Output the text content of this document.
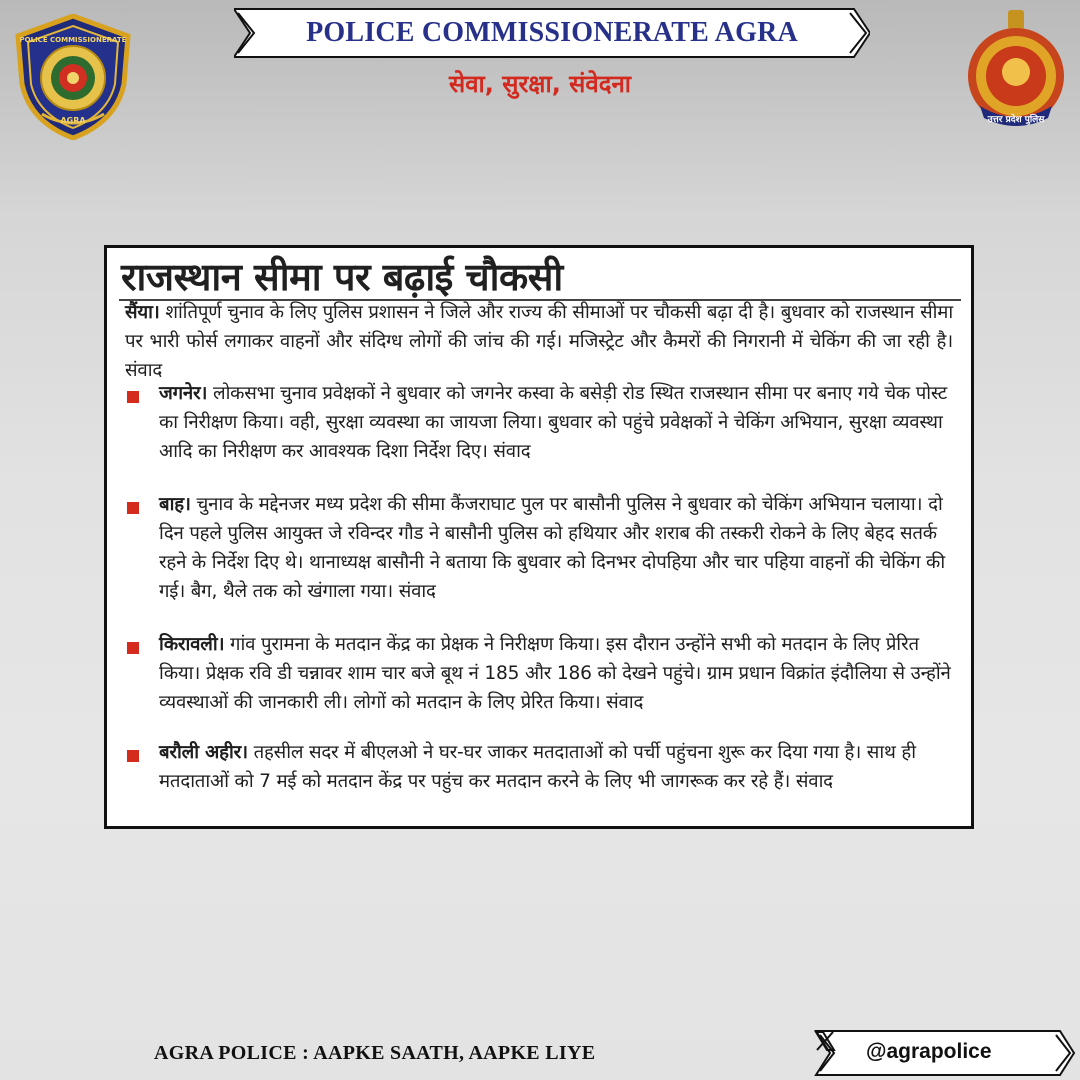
POLICE COMMISSIONERATE
AGRA
POLICE COMMISSIONERATE AGRA
सेवा, सुरक्षा, संवेदना
उत्तर प्रदेश पुलिस
राजस्थान सीमा पर बढ़ाई चौकसी
सैंया। शांतिपूर्ण चुनाव के लिए पुलिस प्रशासन ने जिले और राज्य की सीमाओं पर चौकसी बढ़ा दी है। बुधवार को राजस्थान सीमा पर भारी फोर्स लगाकर वाहनों और संदिग्ध लोगों की जांच की गई। मजिस्ट्रेट और कैमरों की निगरानी में चेकिंग की जा रही है। संवाद
जगनेर। लोकसभा चुनाव प्रवेक्षकों ने बुधवार को जगनेर कस्वा के बसेड़ी रोड स्थित राजस्थान सीमा पर बनाए गये चेक पोस्ट का निरीक्षण किया। वही, सुरक्षा व्यवस्था का जायजा लिया। बुधवार को पहुंचे प्रवेक्षकों ने चेकिंग अभियान, सुरक्षा व्यवस्था आदि का निरीक्षण कर आवश्यक दिशा निर्देश दिए। संवाद
बाह। चुनाव के मद्देनजर मध्य प्रदेश की सीमा कैंजराघाट पुल पर बासौनी पुलिस ने बुधवार को चेकिंग अभियान चलाया। दो दिन पहले पुलिस आयुक्त जे रविन्दर गौड ने बासौनी पुलिस को हथियार और शराब की तस्करी रोकने के लिए बेहद सतर्क रहने के निर्देश दिए थे। थानाध्यक्ष बासौनी ने बताया कि बुधवार को दिनभर दोपहिया और चार पहिया वाहनों की चेकिंग की गई। बैग, थैले तक को खंगाला गया। संवाद
किरावली। गांव पुरामना के मतदान केंद्र का प्रेक्षक ने निरीक्षण किया। इस दौरान उन्होंने सभी को मतदान के लिए प्रेरित किया। प्रेक्षक रवि डी चन्नावर शाम चार बजे बूथ नं 185 और 186 को देखने पहुंचे। ग्राम प्रधान विक्रांत इंदौलिया से उन्होंने व्यवस्थाओं की जानकारी ली। लोगों को मतदान के लिए प्रेरित किया। संवाद
बरौली अहीर। तहसील सदर में बीएलओ ने घर-घर जाकर मतदाताओं को पर्ची पहुंचना शुरू कर दिया गया है। साथ ही मतदाताओं को 7 मई को मतदान केंद्र पर पहुंच कर मतदान करने के लिए भी जागरूक कर रहे हैं। संवाद
AGRA POLICE : AAPKE SAATH, AAPKE LIYE	@agrapolice
